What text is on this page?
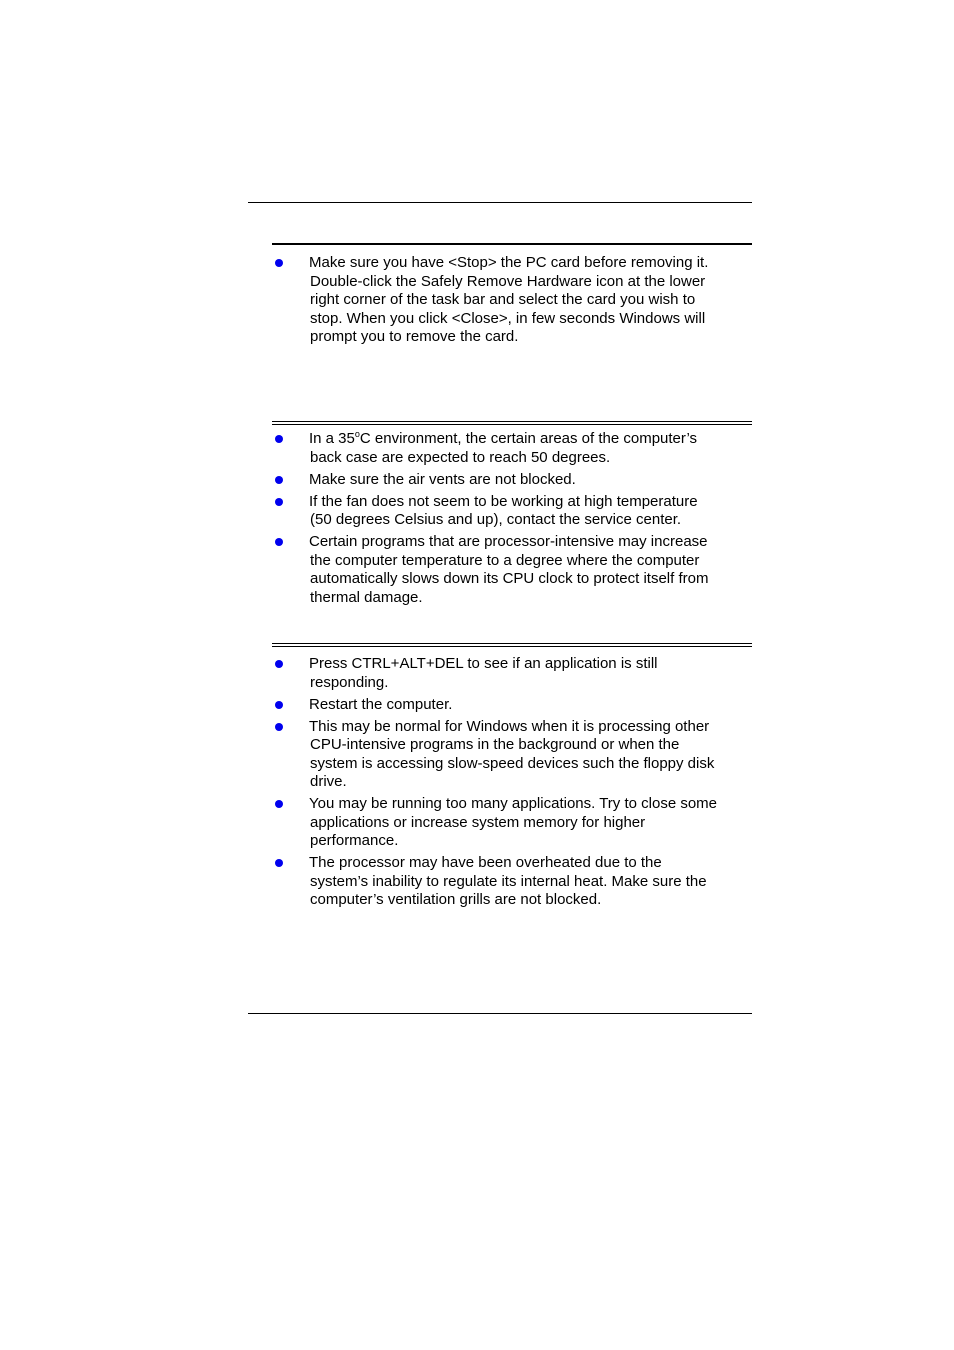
Make sure you have <Stop> the PC card before removing it.
Double-click the Safely Remove Hardware icon at the lower
right corner of the task bar and select the card you wish to
stop. When you click <Close>, in few seconds Windows will
prompt you to remove the card.
In a 35$^o$C environment, the certain areas of the computer’s
back case are expected to reach 50 degrees.
Make sure the air vents are not blocked.
If the fan does not seem to be working at high temperature
(50 degrees Celsius and up), contact the service center.
Certain programs that are processor-intensive may increase
the computer temperature to a degree where the computer
automatically slows down its CPU clock to protect itself from
thermal damage.
Press CTRL+ALT+DEL to see if an application is still
responding.
Restart the computer.
This may be normal for Windows when it is processing other
CPU-intensive programs in the background or when the
system is accessing slow-speed devices such the floppy disk
drive.
You may be running too many applications. Try to close some
applications or increase system memory for higher
performance.
The processor may have been overheated due to the
system’s inability to regulate its internal heat. Make sure the
computer’s ventilation grills are not blocked.
